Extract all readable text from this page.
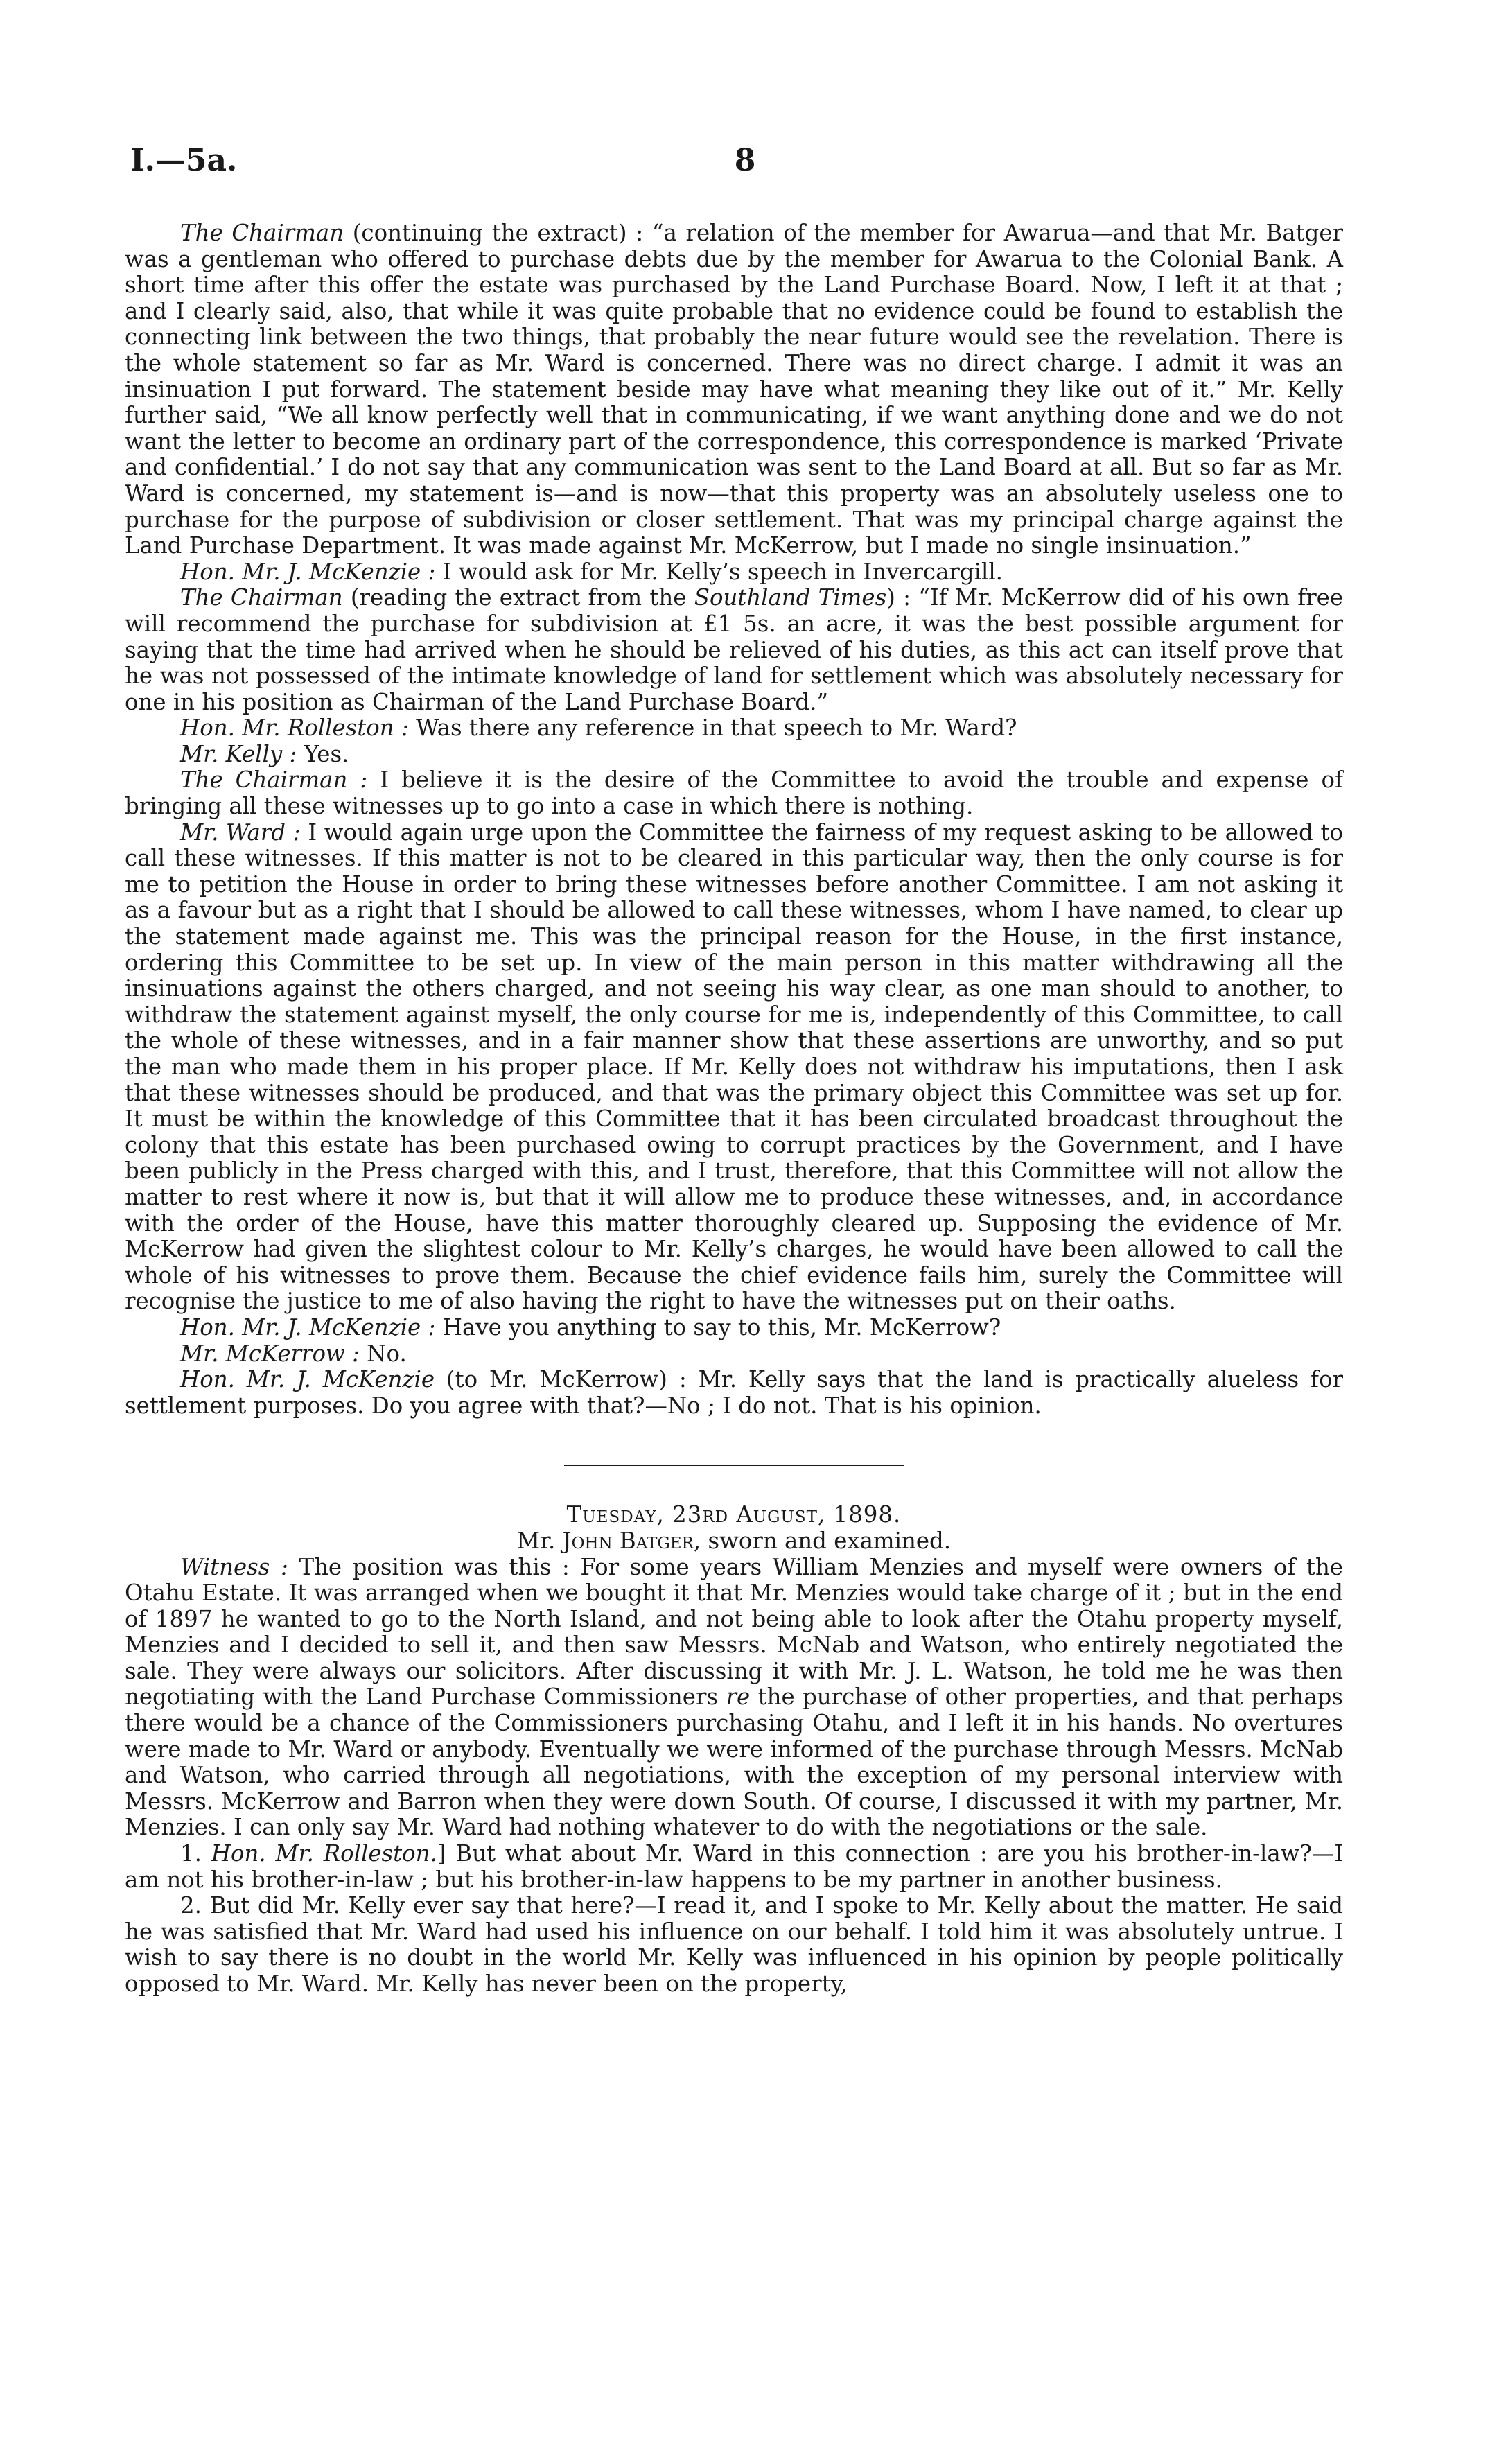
I.—5a.	8

The Chairman (continuing the extract) : “a relation of the member for Awarua—and that Mr. Batger was a gentleman who offered to purchase debts due by the member for Awarua to the Colonial Bank. A short time after this offer the estate was purchased by the Land Purchase Board. Now, I left it at that ; and I clearly said, also, that while it was quite probable that no evidence could be found to establish the connecting link between the two things, that probably the near future would see the revelation. There is the whole statement so far as Mr. Ward is concerned. There was no direct charge. I admit it was an insinuation I put forward. The statement beside may have what meaning they like out of it.” Mr. Kelly further said, “We all know perfectly well that in communicating, if we want anything done and we do not want the letter to become an ordinary part of the correspondence, this correspondence is marked ‘Private and confidential.’ I do not say that any communication was sent to the Land Board at all. But so far as Mr. Ward is concerned, my statement is—and is now—that this property was an absolutely useless one to purchase for the purpose of subdivision or closer settlement. That was my principal charge against the Land Purchase Department. It was made against Mr. McKerrow, but I made no single insinuation.”

Hon. Mr. J. McKenzie : I would ask for Mr. Kelly’s speech in Invercargill.

The Chairman (reading the extract from the Southland Times) : “If Mr. McKerrow did of his own free will recommend the purchase for subdivision at £1 5s. an acre, it was the best possible argument for saying that the time had arrived when he should be relieved of his duties, as this act can itself prove that he was not possessed of the intimate knowledge of land for settlement which was absolutely necessary for one in his position as Chairman of the Land Purchase Board.”

Hon. Mr. Rolleston : Was there any reference in that speech to Mr. Ward?

Mr. Kelly : Yes.

The Chairman : I believe it is the desire of the Committee to avoid the trouble and expense of bringing all these witnesses up to go into a case in which there is nothing.

Mr. Ward : I would again urge upon the Committee the fairness of my request asking to be allowed to call these witnesses. If this matter is not to be cleared in this particular way, then the only course is for me to petition the House in order to bring these witnesses before another Committee. I am not asking it as a favour but as a right that I should be allowed to call these witnesses, whom I have named, to clear up the statement made against me. This was the principal reason for the House, in the first instance, ordering this Committee to be set up. In view of the main person in this matter withdrawing all the insinuations against the others charged, and not seeing his way clear, as one man should to another, to withdraw the statement against myself, the only course for me is, independently of this Committee, to call the whole of these witnesses, and in a fair manner show that these assertions are unworthy, and so put the man who made them in his proper place. If Mr. Kelly does not withdraw his imputations, then I ask that these witnesses should be produced, and that was the primary object this Committee was set up for. It must be within the knowledge of this Committee that it has been circulated broadcast throughout the colony that this estate has been purchased owing to corrupt practices by the Government, and I have been publicly in the Press charged with this, and I trust, therefore, that this Committee will not allow the matter to rest where it now is, but that it will allow me to produce these witnesses, and, in accordance with the order of the House, have this matter thoroughly cleared up. Supposing the evidence of Mr. McKerrow had given the slightest colour to Mr. Kelly’s charges, he would have been allowed to call the whole of his witnesses to prove them. Because the chief evidence fails him, surely the Committee will recognise the justice to me of also having the right to have the witnesses put on their oaths.

Hon. Mr. J. McKenzie : Have you anything to say to this, Mr. McKerrow?

Mr. McKerrow : No.

Hon. Mr. J. McKenzie (to Mr. McKerrow) : Mr. Kelly says that the land is practically alueless for settlement purposes. Do you agree with that?—No ; I do not. That is his opinion.

Tuesday, 23rd August, 1898.

Mr. John Batger, sworn and examined.

Witness : The position was this : For some years William Menzies and myself were owners of the Otahu Estate. It was arranged when we bought it that Mr. Menzies would take charge of it ; but in the end of 1897 he wanted to go to the North Island, and not being able to look after the Otahu property myself, Menzies and I decided to sell it, and then saw Messrs. McNab and Watson, who entirely negotiated the sale. They were always our solicitors. After discussing it with Mr. J. L. Watson, he told me he was then negotiating with the Land Purchase Commissioners re the purchase of other properties, and that perhaps there would be a chance of the Commissioners purchasing Otahu, and I left it in his hands. No overtures were made to Mr. Ward or anybody. Eventually we were informed of the purchase through Messrs. McNab and Watson, who carried through all negotiations, with the exception of my personal interview with Messrs. McKerrow and Barron when they were down South. Of course, I discussed it with my partner, Mr. Menzies. I can only say Mr. Ward had nothing whatever to do with the negotiations or the sale.

1. Hon. Mr. Rolleston.] But what about Mr. Ward in this connection : are you his brother-in-law?—I am not his brother-in-law ; but his brother-in-law happens to be my partner in another business.

2. But did Mr. Kelly ever say that here?—I read it, and I spoke to Mr. Kelly about the matter. He said he was satisfied that Mr. Ward had used his influence on our behalf. I told him it was absolutely untrue. I wish to say there is no doubt in the world Mr. Kelly was influenced in his opinion by people politically opposed to Mr. Ward. Mr. Kelly has never been on the property,
